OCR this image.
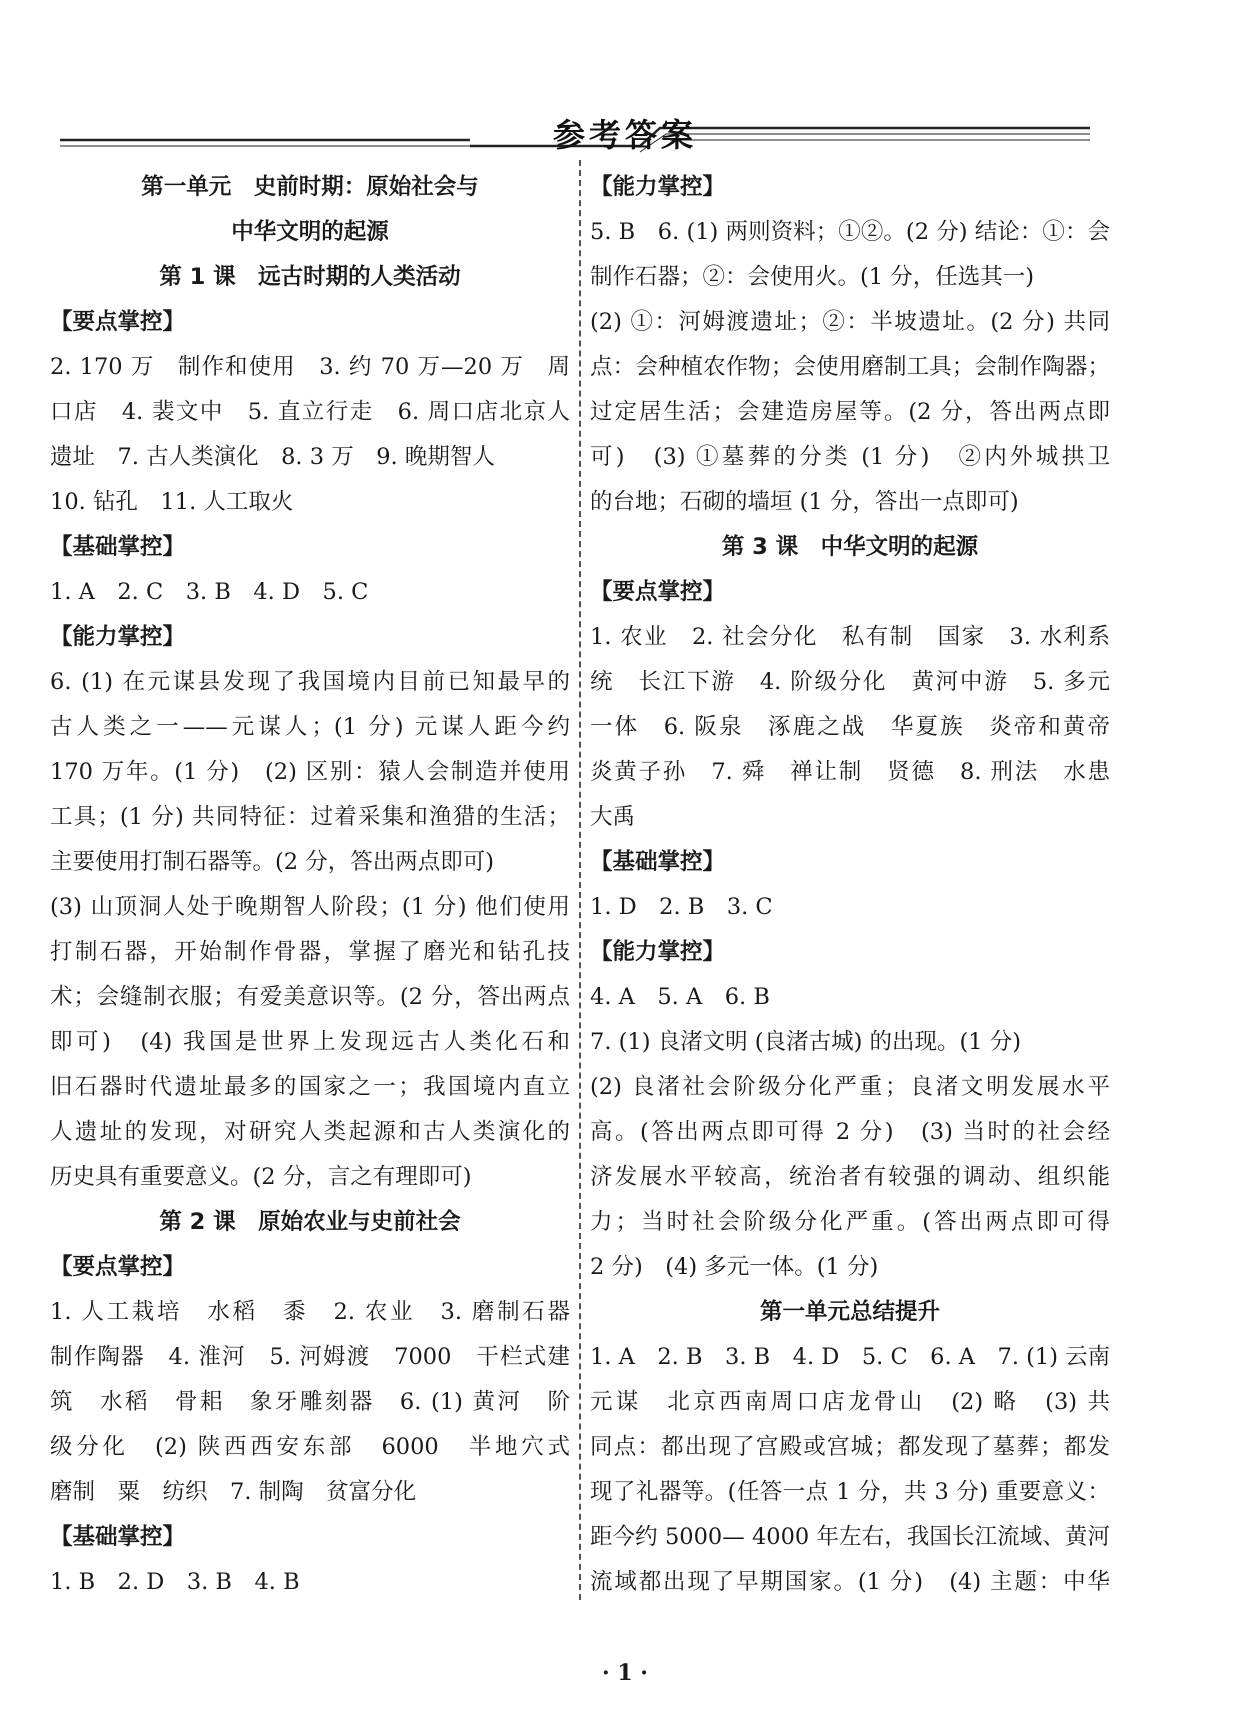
参考答案
第一单元　史前时期：原始社会与
中华文明的起源
第 1 课　远古时期的人类活动
【要点掌控】
2. 170 万　制作和使用　3. 约 70 万—20 万　周
口店　4. 裴文中　5. 直立行走　6. 周口店北京人
遗址　7. 古人类演化　8. 3 万　9. 晚期智人
10. 钻孔　11. 人工取火
【基础掌控】
1. A　2. C　3. B　4. D　5. C
【能力掌控】
6. (1) 在元谋县发现了我国境内目前已知最早的
古人类之一——元谋人；(1 分) 元谋人距今约
170 万年。(1 分)　(2) 区别：猿人会制造并使用
工具；(1 分) 共同特征：过着采集和渔猎的生活；
主要使用打制石器等。(2 分，答出两点即可)
(3) 山顶洞人处于晚期智人阶段；(1 分) 他们使用
打制石器，开始制作骨器，掌握了磨光和钻孔技
术；会缝制衣服；有爱美意识等。(2 分，答出两点
即可)　(4) 我国是世界上发现远古人类化石和
旧石器时代遗址最多的国家之一；我国境内直立
人遗址的发现，对研究人类起源和古人类演化的
历史具有重要意义。(2 分，言之有理即可)
第 2 课　原始农业与史前社会
【要点掌控】
1. 人工栽培　水稻　黍　2. 农业　3. 磨制石器
制作陶器　4. 淮河　5. 河姆渡　7000　干栏式建
筑　水稻　骨耜　象牙雕刻器　6. (1) 黄河　阶
级分化　(2) 陕西西安东部　6000　半地穴式
磨制　粟　纺织　7. 制陶　贫富分化
【基础掌控】
1. B　2. D　3. B　4. B
【能力掌控】
5. B　6. (1) 两则资料；①②。(2 分) 结论：①：会
制作石器；②：会使用火。(1 分，任选其一)
(2) ①：河姆渡遗址；②：半坡遗址。(2 分) 共同
点：会种植农作物；会使用磨制工具；会制作陶器；
过定居生活；会建造房屋等。(2 分，答出两点即
可)　(3) ①墓葬的分类 (1 分)　②内外城拱卫
的台地；石砌的墙垣 (1 分，答出一点即可)
第 3 课　中华文明的起源
【要点掌控】
1. 农业　2. 社会分化　私有制　国家　3. 水利系
统　长江下游　4. 阶级分化　黄河中游　5. 多元
一体　6. 阪泉　涿鹿之战　华夏族　炎帝和黄帝
炎黄子孙　7. 舜　禅让制　贤德　8. 刑法　水患
大禹
【基础掌控】
1. D　2. B　3. C
【能力掌控】
4. A　5. A　6. B
7. (1) 良渚文明 (良渚古城) 的出现。(1 分)
(2) 良渚社会阶级分化严重；良渚文明发展水平
高。(答出两点即可得 2 分)　(3) 当时的社会经
济发展水平较高，统治者有较强的调动、组织能
力；当时社会阶级分化严重。(答出两点即可得
2 分)　(4) 多元一体。(1 分)
第一单元总结提升
1. A　2. B　3. B　4. D　5. C　6. A　7. (1) 云南
元谋　北京西南周口店龙骨山　(2) 略　(3) 共
同点：都出现了宫殿或宫城；都发现了墓葬；都发
现了礼器等。(任答一点 1 分，共 3 分) 重要意义：
距今约 5000— 4000 年左右，我国长江流域、黄河
流域都出现了早期国家。(1 分)　(4) 主题：中华
· 1 ·
